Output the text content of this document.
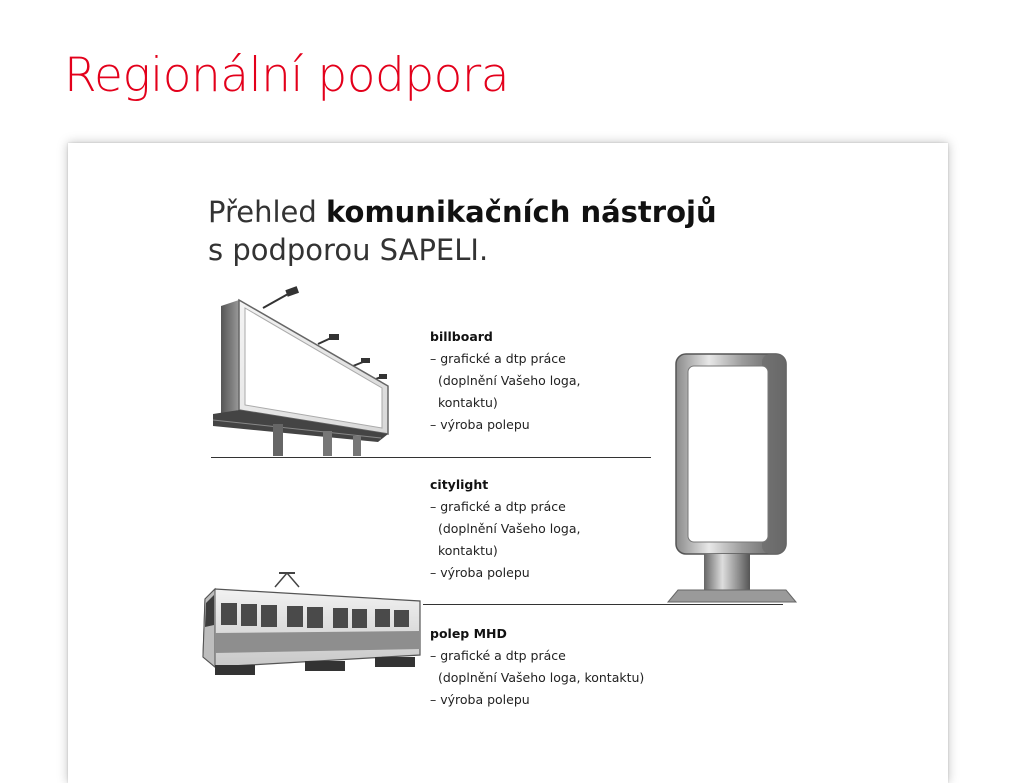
Regionální podpora
Přehled komunikačních nástrojů
s podporou SAPELI.
billboard
– grafické a dtp práce
(doplnění Vašeho loga,
kontaktu)
– výroba polepu
citylight
– grafické a dtp práce
(doplnění Vašeho loga,
kontaktu)
– výroba polepu
polep MHD
– grafické a dtp práce
(doplnění Vašeho loga, kontaktu)
– výroba polepu
